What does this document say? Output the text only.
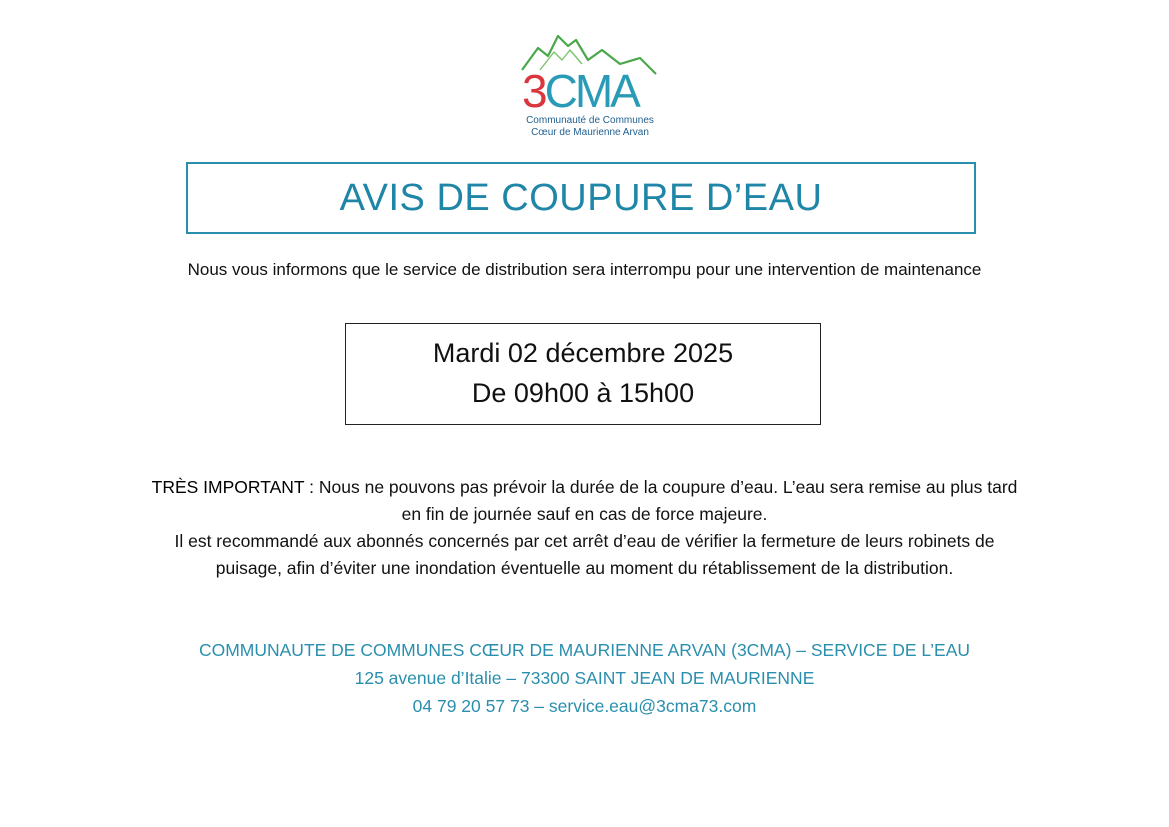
3CMA
Communauté de Communes
Cœur de Maurienne Arvan
AVIS DE COUPURE D’EAU
Nous vous informons que le service de distribution sera interrompu pour une intervention de maintenance
Mardi 02 décembre 2025
De 09h00 à 15h00
TRÈS IMPORTANT : Nous ne pouvons pas prévoir la durée de la coupure d’eau. L’eau sera remise au plus tard
en fin de journée sauf en cas de force majeure.
Il est recommandé aux abonnés concernés par cet arrêt d’eau de vérifier la fermeture de leurs robinets de
puisage, afin d’éviter une inondation éventuelle au moment du rétablissement de la distribution.
COMMUNAUTE DE COMMUNES CŒUR DE MAURIENNE ARVAN (3CMA) – SERVICE DE L’EAU
125 avenue d’Italie – 73300 SAINT JEAN DE MAURIENNE
04 79 20 57 73 – service.eau@3cma73.com
